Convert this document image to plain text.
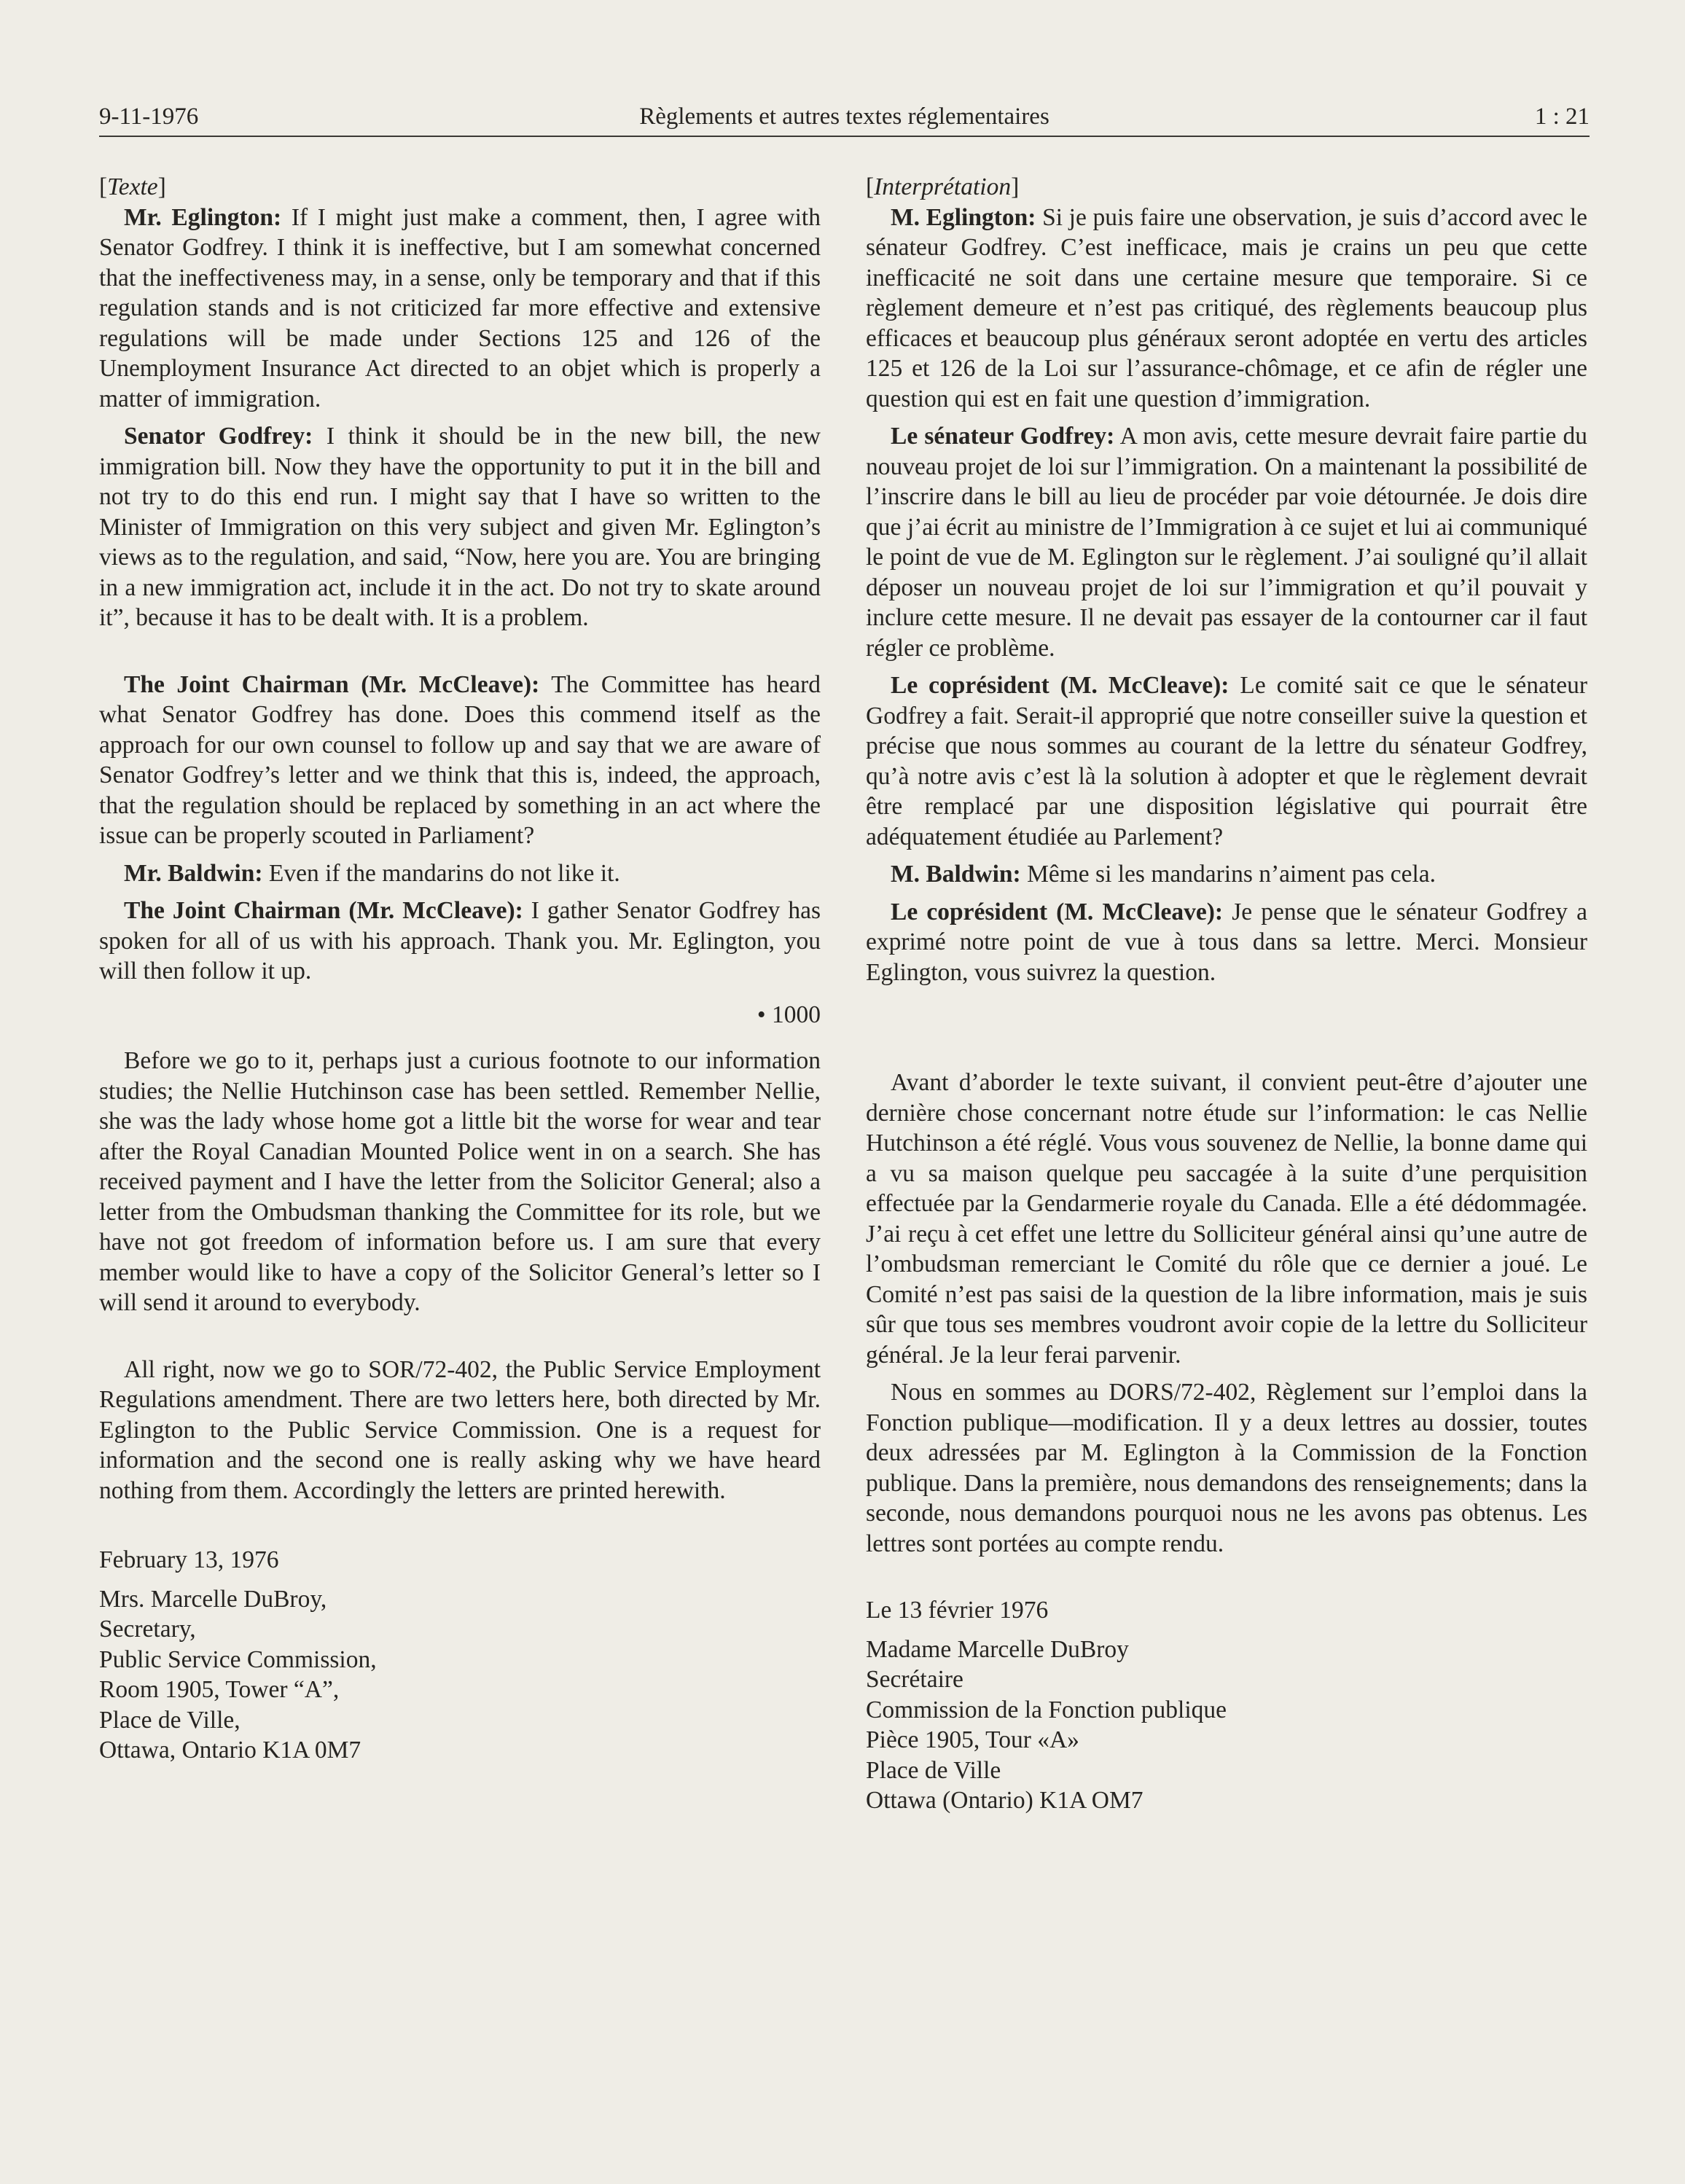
9-11-1976	Règlements et autres textes réglementaires	1 : 21

[Texte]

Mr. Eglington: If I might just make a comment, then, I agree with Senator Godfrey. I think it is ineffective, but I am somewhat concerned that the ineffectiveness may, in a sense, only be temporary and that if this regulation stands and is not criticized far more effective and extensive regulations will be made under Sections 125 and 126 of the Unemployment Insurance Act directed to an objet which is properly a matter of immigration.

Senator Godfrey: I think it should be in the new bill, the new immigration bill. Now they have the opportunity to put it in the bill and not try to do this end run. I might say that I have so written to the Minister of Immigration on this very subject and given Mr. Eglington’s views as to the regulation, and said, “Now, here you are. You are bringing in a new immigration act, include it in the act. Do not try to skate around it”, because it has to be dealt with. It is a problem.

The Joint Chairman (Mr. McCleave): The Committee has heard what Senator Godfrey has done. Does this commend itself as the approach for our own counsel to follow up and say that we are aware of Senator Godfrey’s letter and we think that this is, indeed, the approach, that the regulation should be replaced by something in an act where the issue can be properly scouted in Parliament?

Mr. Baldwin: Even if the mandarins do not like it.

The Joint Chairman (Mr. McCleave): I gather Senator Godfrey has spoken for all of us with his approach. Thank you. Mr. Eglington, you will then follow it up.

• 1000

Before we go to it, perhaps just a curious footnote to our information studies; the Nellie Hutchinson case has been settled. Remember Nellie, she was the lady whose home got a little bit the worse for wear and tear after the Royal Canadian Mounted Police went in on a search. She has received payment and I have the letter from the Solicitor General; also a letter from the Ombudsman thanking the Committee for its role, but we have not got freedom of information before us. I am sure that every member would like to have a copy of the Solicitor General’s letter so I will send it around to everybody.

All right, now we go to SOR/72-402, the Public Service Employment Regulations amendment. There are two letters here, both directed by Mr. Eglington to the Public Service Commission. One is a request for information and the second one is really asking why we have heard nothing from them. Accordingly the letters are printed herewith.

February 13, 1976

Mrs. Marcelle DuBroy,
Secretary,
Public Service Commission,
Room 1905, Tower “A”,
Place de Ville,
Ottawa, Ontario K1A 0M7

[Interprétation]

M. Eglington: Si je puis faire une observation, je suis d’accord avec le sénateur Godfrey. C’est inefficace, mais je crains un peu que cette inefficacité ne soit dans une certaine mesure que temporaire. Si ce règlement demeure et n’est pas critiqué, des règlements beaucoup plus efficaces et beaucoup plus généraux seront adoptée en vertu des articles 125 et 126 de la Loi sur l’assurance-chômage, et ce afin de régler une question qui est en fait une question d’immigration.

Le sénateur Godfrey: A mon avis, cette mesure devrait faire partie du nouveau projet de loi sur l’immigration. On a maintenant la possibilité de l’inscrire dans le bill au lieu de procéder par voie détournée. Je dois dire que j’ai écrit au ministre de l’Immigration à ce sujet et lui ai communiqué le point de vue de M. Eglington sur le règlement. J’ai souligné qu’il allait déposer un nouveau projet de loi sur l’immigration et qu’il pouvait y inclure cette mesure. Il ne devait pas essayer de la contourner car il faut régler ce problème.

Le coprésident (M. McCleave): Le comité sait ce que le sénateur Godfrey a fait. Serait-il approprié que notre conseiller suive la question et précise que nous sommes au courant de la lettre du sénateur Godfrey, qu’à notre avis c’est là la solution à adopter et que le règlement devrait être remplacé par une disposition législative qui pourrait être adéquatement étudiée au Parlement?

M. Baldwin: Même si les mandarins n’aiment pas cela.

Le coprésident (M. McCleave): Je pense que le sénateur Godfrey a exprimé notre point de vue à tous dans sa lettre. Merci. Monsieur Eglington, vous suivrez la question.

Avant d’aborder le texte suivant, il convient peut-être d’ajouter une dernière chose concernant notre étude sur l’information: le cas Nellie Hutchinson a été réglé. Vous vous souvenez de Nellie, la bonne dame qui a vu sa maison quelque peu saccagée à la suite d’une perquisition effectuée par la Gendarmerie royale du Canada. Elle a été dédommagée. J’ai reçu à cet effet une lettre du Solliciteur général ainsi qu’une autre de l’ombudsman remerciant le Comité du rôle que ce dernier a joué. Le Comité n’est pas saisi de la question de la libre information, mais je suis sûr que tous ses membres voudront avoir copie de la lettre du Solliciteur général. Je la leur ferai parvenir.

Nous en sommes au DORS/72-402, Règlement sur l’emploi dans la Fonction publique—modification. Il y a deux lettres au dossier, toutes deux adressées par M. Eglington à la Commission de la Fonction publique. Dans la première, nous demandons des renseignements; dans la seconde, nous demandons pourquoi nous ne les avons pas obtenus. Les lettres sont portées au compte rendu.

Le 13 février 1976

Madame Marcelle DuBroy
Secrétaire
Commission de la Fonction publique
Pièce 1905, Tour «A»
Place de Ville
Ottawa (Ontario) K1A OM7
